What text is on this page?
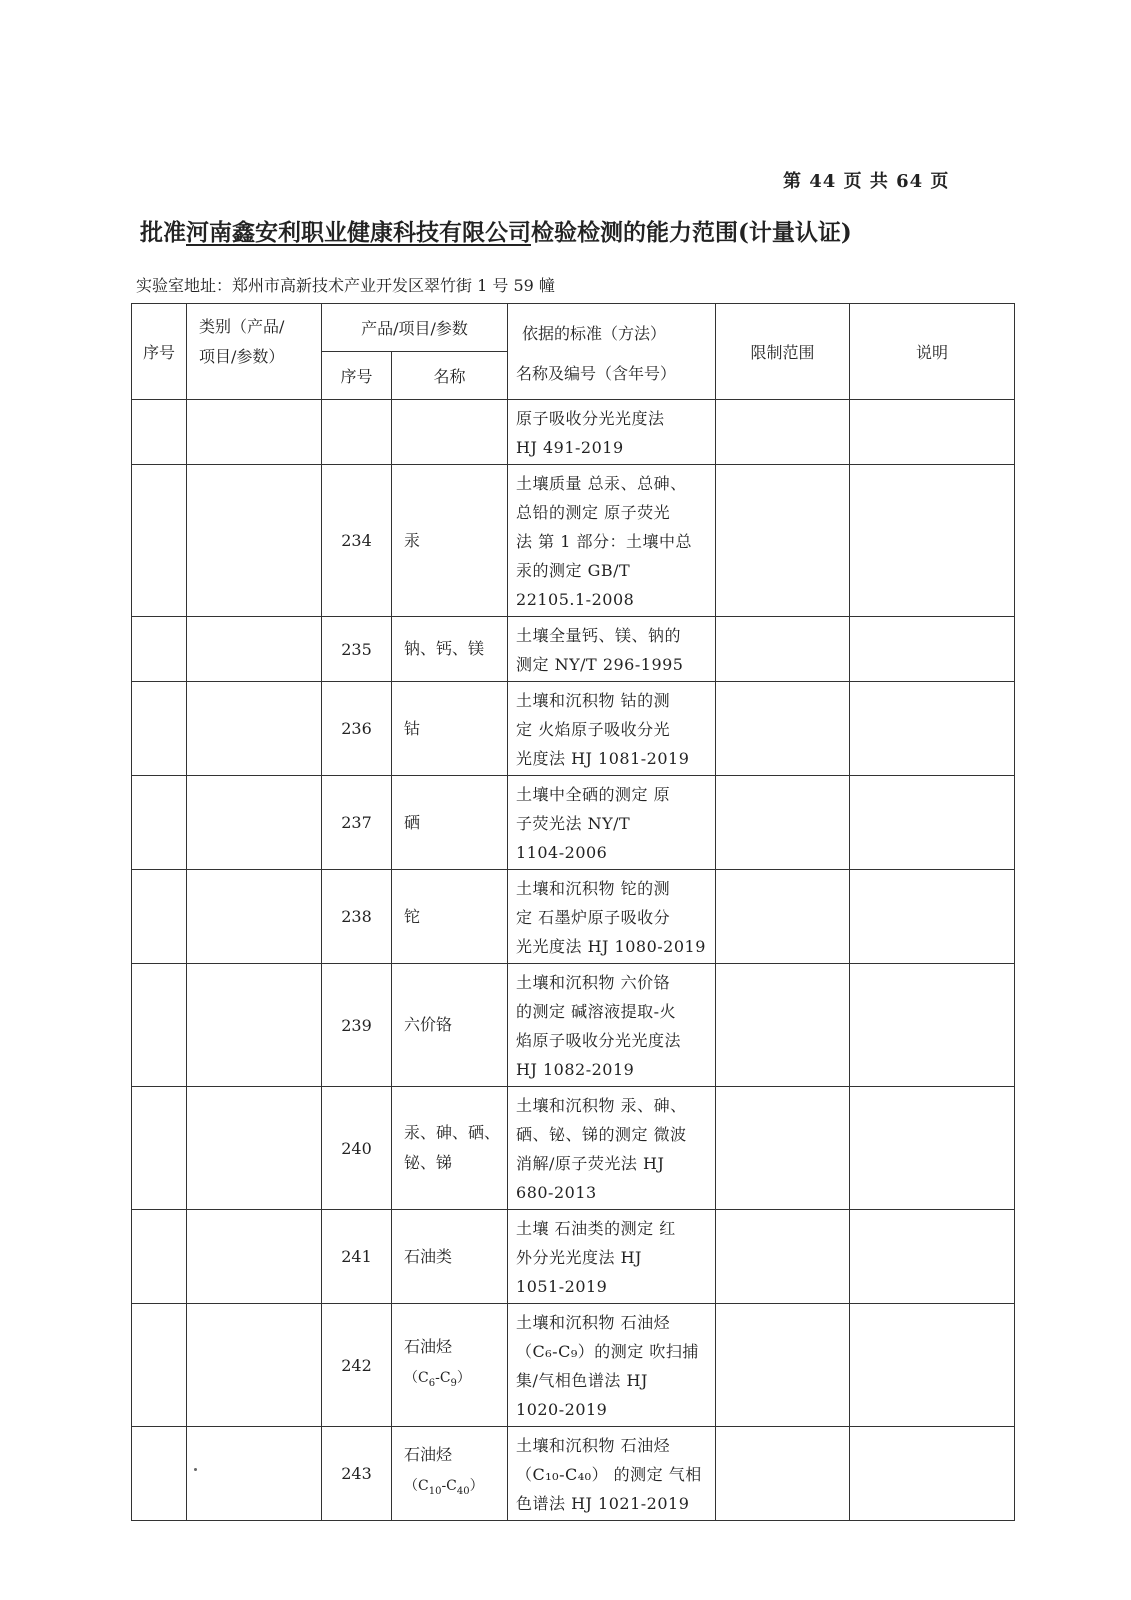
第 44 页 共 64 页
批准河南鑫安利职业健康科技有限公司检验检测的能力范围(计量认证)
实验室地址：郑州市高新技术产业开发区翠竹街 1 号 59 幢
序号	类别（产品/
项目/参数）	产品/项目/参数		依据的标准（方法）
名称及编号（含年号）	限制范围	说明
		序号	名称			

				原子吸收分光光度法
HJ 491-2019		

		234	汞	土壤质量 总汞、总砷、
总铅的测定 原子荧光
法 第 1 部分：土壤中总
汞的测定 GB/T
22105.1-2008		

		235	钠、钙、镁	土壤全量钙、镁、钠的
测定 NY/T 296-1995		

		236	钴	土壤和沉积物 钴的测
定 火焰原子吸收分光
光度法 HJ 1081-2019		

		237	硒	土壤中全硒的测定 原
子荧光法 NY/T
1104-2006		

		238	铊	土壤和沉积物 铊的测
定 石墨炉原子吸收分
光光度法 HJ 1080-2019		

		239	六价铬	土壤和沉积物 六价铬
的测定 碱溶液提取-火
焰原子吸收分光光度法
HJ 1082-2019		

		240	汞、砷、硒、
铋、锑	土壤和沉积物 汞、砷、
硒、铋、锑的测定 微波
消解/原子荧光法 HJ
680-2013		

		241	石油类	土壤 石油类的测定 红
外分光光度法 HJ
1051-2019		

		242	石油烃
$(C_6-C_9)$	土壤和沉积物 石油烃
（C₆-C₉）的测定 吹扫捕
集/气相色谱法 HJ
1020-2019		

		243	石油烃
$(C_{10}-C_{40})$	土壤和沉积物 石油烃
（C₁₀-C₄₀） 的测定 气相
色谱法 HJ 1021-2019		
